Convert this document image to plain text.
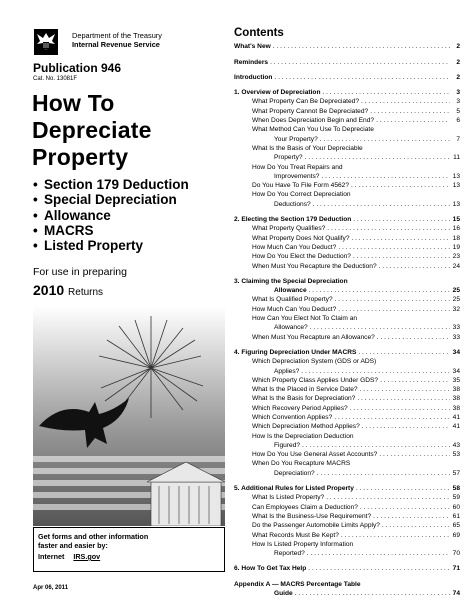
Department of the Treasury
Internal Revenue Service
Publication 946
Cat. No. 13081F
How To
Depreciate
Property
• Section 179 Deduction
• Special Depreciation
• Allowance
• MACRS
• Listed Property
For use in preparing
2010 Returns
Get forms and other information
faster and easier by:
Internet IRS.gov
Apr 06, 2011
Contents
What's New . . .	2
Reminders . . .	2
Introduction . . .	2
1. Overview of Depreciation . . .	3
What Property Can Be Depreciated? . . .	3
What Property Cannot Be Depreciated? . . .	5
When Does Depreciation Begin and End? . . .	6
What Method Can You Use To Depreciate
Your Property? . . .	7
What Is the Basis of Your Depreciable
Property? . . .	11
How Do You Treat Repairs and
Improvements? . . .	13
Do You Have To File Form 4562? . . .	13
How Do You Correct Depreciation
Deductions? . . .	13
2. Electing the Section 179 Deduction . . .	15
What Property Qualifies? . . .	16
What Property Does Not Qualify? . . .	18
How Much Can You Deduct? . . .	19
How Do You Elect the Deduction? . . .	23
When Must You Recapture the Deduction? . . .	24
3. Claiming the Special Depreciation
Allowance . . .	25
What Is Qualified Property? . . .	25
How Much Can You Deduct? . . .	32
How Can You Elect Not To Claim an
Allowance? . . .	33
When Must You Recapture an Allowance? . . .	33
4. Figuring Depreciation Under MACRS . . .	34
Which Depreciation System (GDS or ADS)
Applies? . . .	34
Which Property Class Applies Under GDS? . . .	35
What Is the Placed in Service Date? . . .	38
What Is the Basis for Depreciation? . . .	38
Which Recovery Period Applies? . . .	38
Which Convention Applies? . . .	41
Which Depreciation Method Applies? . . .	41
How Is the Depreciation Deduction
Figured? . . .	43
How Do You Use General Asset Accounts? . . .	53
When Do You Recapture MACRS
Depreciation? . . .	57
5. Additional Rules for Listed Property . . .	58
What Is Listed Property? . . .	59
Can Employees Claim a Deduction? . . .	60
What Is the Business-Use Requirement? . . .	61
Do the Passenger Automobile Limits Apply? . . .	65
What Records Must Be Kept? . . .	69
How Is Listed Property Information
Reported? . . .	70
6. How To Get Tax Help . . .	71
Appendix A — MACRS Percentage Table
Guide . . .	74
